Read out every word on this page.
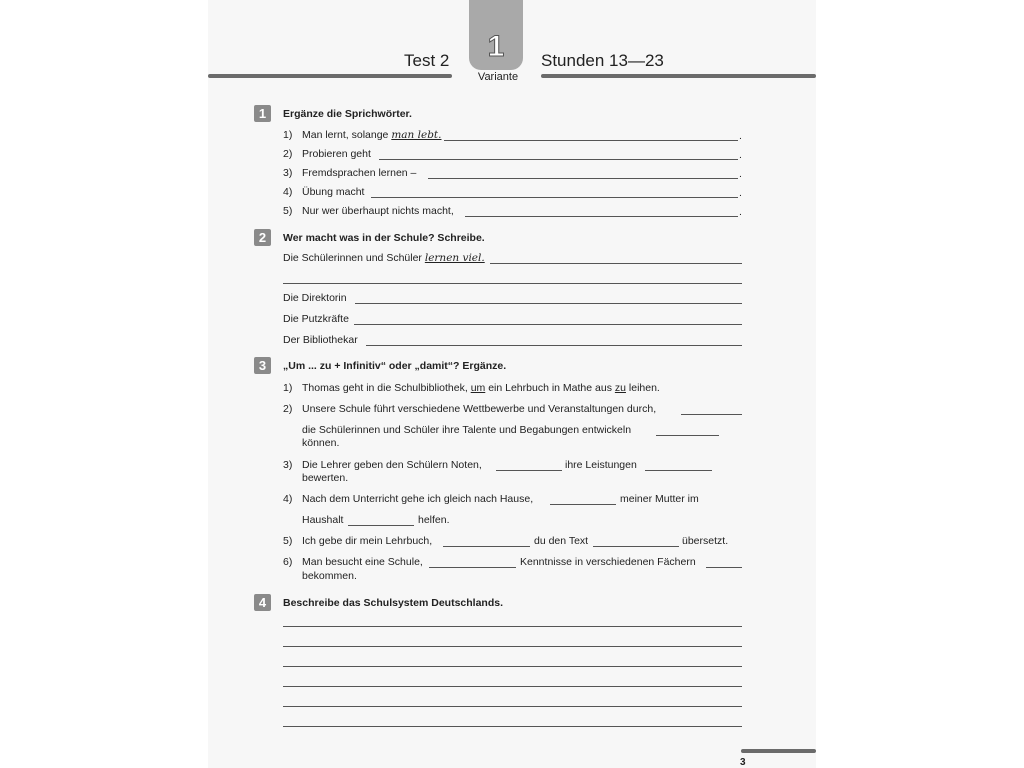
1
Variante
Test 2	Stunden 13—23
1	Ergänze die Sprichwörter.
1) Man lernt, solange man lebt.	.
2) Probieren geht	.
3) Fremdsprachen lernen –	.
4) Übung macht	.
5) Nur wer überhaupt nichts macht,	.
2	Wer macht was in der Schule? Schreibe.
Die Schülerinnen und Schüler lernen viel.
Die Direktorin
Die Putzkräfte
Der Bibliothekar
3	„Um ... zu + Infinitiv“ oder „damit“? Ergänze.
1) Thomas geht in die Schulbibliothek, um ein Lehrbuch in Mathe aus zu leihen.
2) Unsere Schule führt verschiedene Wettbewerbe und Veranstaltungen durch,
die Schülerinnen und Schüler ihre Talente und Begabungen entwickeln
können.
3) Die Lehrer geben den Schülern Noten,	ihre Leistungen
bewerten.
4) Nach dem Unterricht gehe ich gleich nach Hause,	meiner Mutter im
Haushalt	helfen.
5) Ich gebe dir mein Lehrbuch,	du den Text	übersetzt.
6) Man besucht eine Schule,	Kenntnisse in verschiedenen Fächern
bekommen.
4	Beschreibe das Schulsystem Deutschlands.
3
